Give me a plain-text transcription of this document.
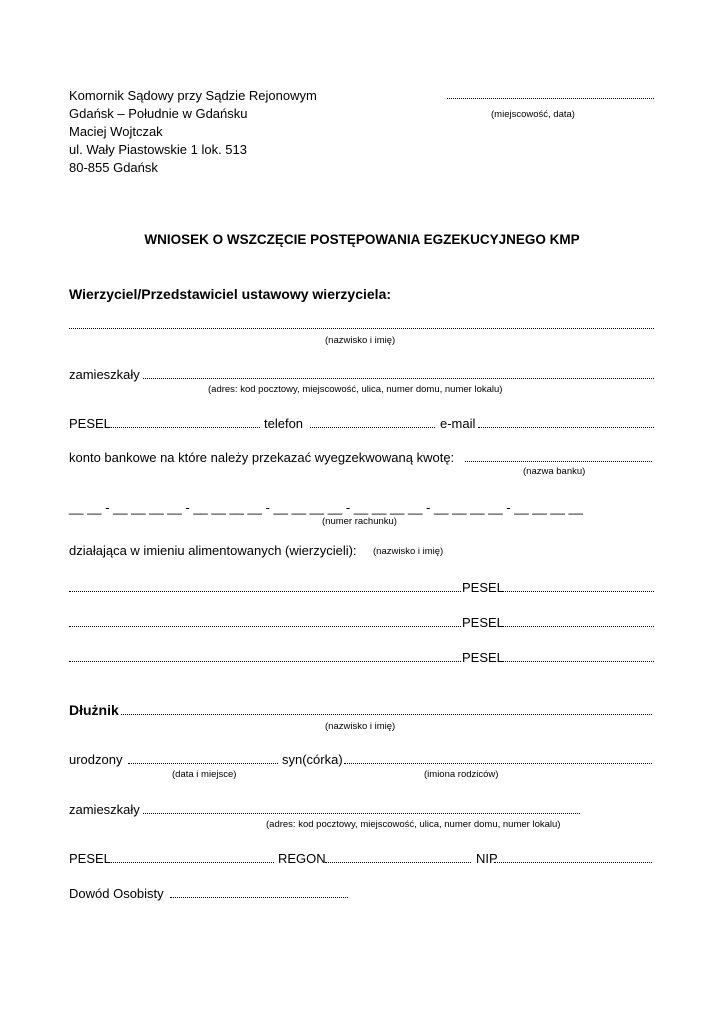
Komornik Sądowy przy Sądzie Rejonowym
Gdańsk – Południe w Gdańsku
Maciej Wojtczak
ul. Wały Piastowskie 1 lok. 513
80-855 Gdańsk
(miejscowość, data)
WNIOSEK O WSZCZĘCIE POSTĘPOWANIA EGZEKUCYJNEGO KMP
Wierzyciel/Przedstawiciel ustawowy wierzyciela:
(nazwisko i imię)
zamieszkały
(adres: kod pocztowy, miejscowość, ulica, numer domu, numer lokalu)
PESEL	telefon	e-mail
konto bankowe na które należy przekazać wyegzekwowaną kwotę:
(nazwa banku)
__ __ - __ __ __ __ - __ __ __ __ - __ __ __ __ - __ __ __ __ - __ __ __ __ - __ __ __ __
(numer rachunku)
działająca w imieniu alimentowanych (wierzycieli): (nazwisko i imię)
PESEL
PESEL
PESEL
Dłużnik
(nazwisko i imię)
urodzony	syn(córka)
(data i miejsce)	(imiona rodziców)
zamieszkały
(adres: kod pocztowy, miejscowość, ulica, numer domu, numer lokalu)
PESEL	REGON	NIP
Dowód Osobisty
